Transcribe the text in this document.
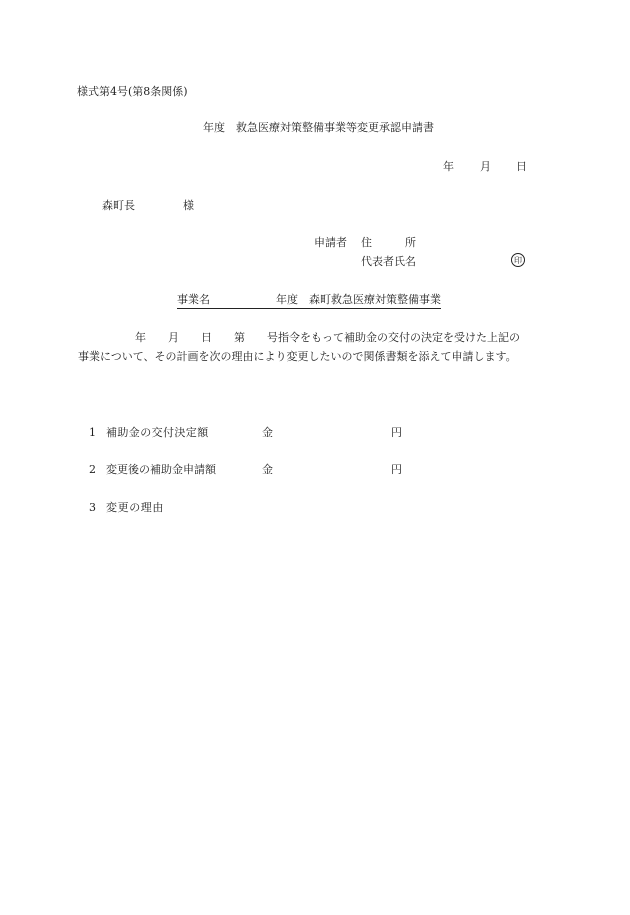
様式第4号(第8条関係)
年度　救急医療対策整備事業等変更承認申請書
年 月 日
森町長	様
申請者 住　　　所
代表者氏名	印
事業名　　　　　　年度　森町救急医療対策整備事業
年　　月　　日　　第　　号指令をもって補助金の交付の決定を受けた上記の
事業について、その計画を次の理由により変更したいので関係書類を添えて申請します。
1 補助金の交付決定額	金	円
2 変更後の補助金申請額	金	円
3 変更の理由
